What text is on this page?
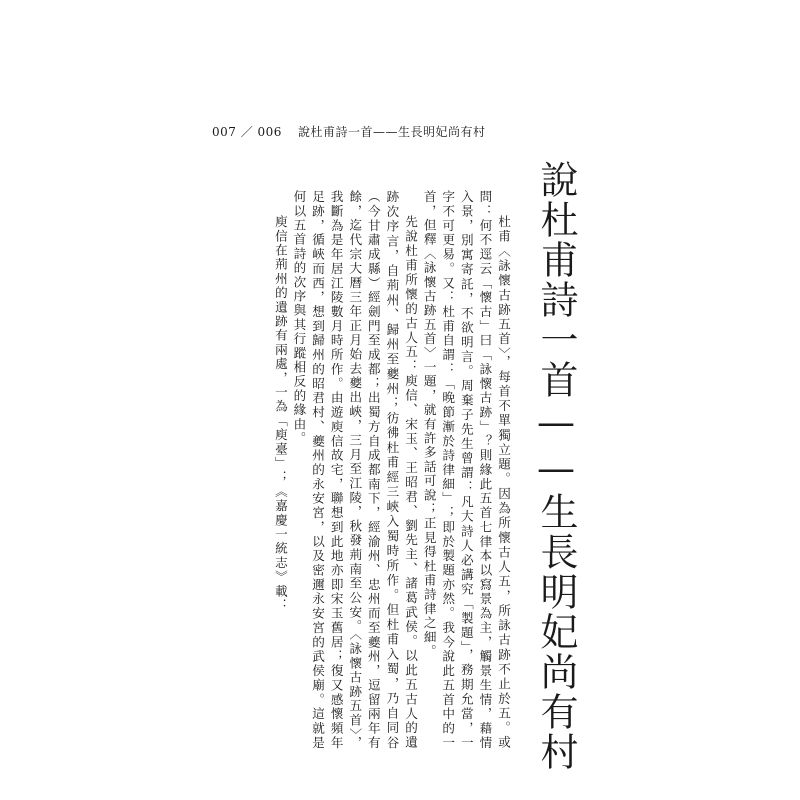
007 ／ 006 說杜甫詩一首——生長明妃尚有村
說杜甫詩一首——生長明妃尚有村

杜甫〈詠懷古跡五首〉，每首不單獨立題。因為所懷古人五，所詠古跡不止於五。或問：何不逕云「懷古」曰「詠懷古跡」？則緣此五首七律本以寫景為主，觸景生情，藉情入景，別寓寄託，不欲明言。周棄子先生曾謂：凡大詩人必講究「製題」，務期允當，一字不可更易。又：杜甫自謂：「晚節漸於詩律細」；即於製題亦然。我今說此五首中的一首，但釋〈詠懷古跡五首〉一題，就有許多話可說；正見得杜甫詩律之細。

先說杜甫所懷的古人五：庾信、宋玉、王昭君、劉先主、諸葛武侯。以此五古人的遺跡次序言，自荊州、歸州至夔州；彷彿杜甫經三峽入蜀時所作。但杜甫入蜀，乃自同谷（今甘肅成縣）經劍門至成都；出蜀方自成都南下，經渝州、忠州而至夔州，逗留兩年有餘，迄代宗大曆三年正月始去夔出峽，三月至江陵，秋發荊南至公安。〈詠懷古跡五首〉，我斷為是年居江陵數月時所作。由遊庾信故宅，聯想到此地亦即宋玉舊居；復又感懷頻年足跡，循峽而西，想到歸州的昭君村、夔州的永安宮，以及密邇永安宮的武侯廟。這就是何以五首詩的次序與其行蹤相反的緣由。

庾信在荊州的遺跡有兩處，一為「庾臺」；《嘉慶一統志》載：
